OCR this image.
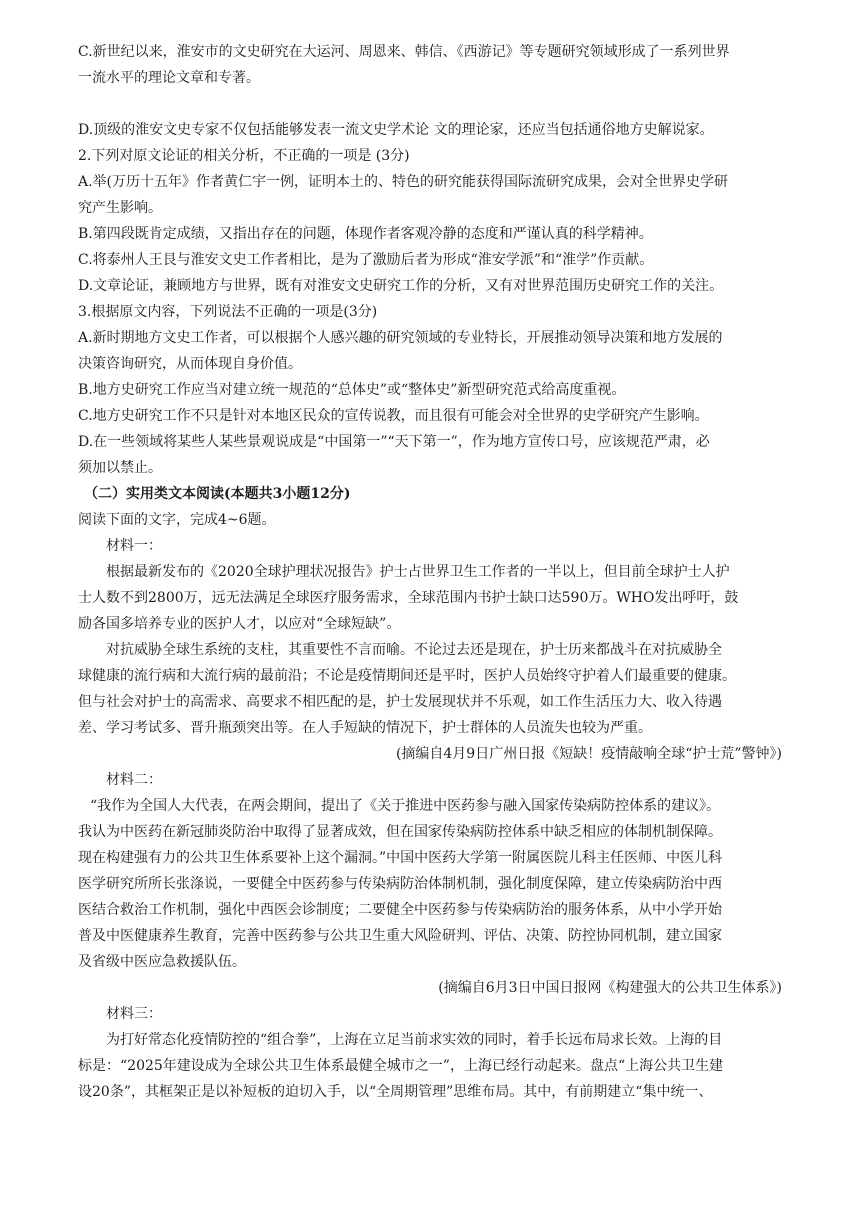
C.新世纪以来，淮安市的文史研究在大运河、周恩来、韩信、《西游记》等专题研究领域形成了一系列世界
一流水平的理论文章和专著。
D.顶级的淮安文史专家不仅包括能够发表一流文史学术论 文的理论家，还应当包括通俗地方史解说家。
2.下列对原文论证的相关分析，不正确的一项是 (3分)
A.举(万历十五年》作者黄仁宇一例，证明本土的、特色的研究能获得国际流研究成果，会对全世界史学研
究产生影响。
B.第四段既肯定成绩，又指出存在的问题，体现作者客观冷静的态度和严谨认真的科学精神。
C.将泰州人王艮与淮安文史工作者相比，是为了激励后者为形成“淮安学派”和“淮学”作贡献。
D.文章论证，兼顾地方与世界，既有对淮安文史研究工作的分析，又有对世界范围历史研究工作的关注。
3.根据原文内容，下列说法不正确的一项是(3分)
A.新时期地方文史工作者，可以根据个人感兴趣的研究领域的专业特长，开展推动领导决策和地方发展的
决策咨询研究，从而体现自身价值。
B.地方史研究工作应当对建立统一规范的“总体史”或“整体史”新型研究范式给高度重视。
C.地方史研究工作不只是针对本地区民众的宣传说教，而且很有可能会对全世界的史学研究产生影响。
D.在一些领域将某些人某些景观说成是“中国第一”“天下第一”，作为地方宣传口号，应该规范严肃，必
须加以禁止。
（二）实用类文本阅读(本题共3小题12分)
阅读下面的文字，完成4~6题。
材料一：
根据最新发布的《2020全球护理状况报告》护士占世界卫生工作者的一半以上，但目前全球护士人护
士人数不到2800万，远无法满足全球医疗服务需求，全球范围内书护士缺口达590万。WHO发出呼吁，鼓
励各国多培养专业的医护人才，以应对“全球短缺”。
对抗威胁全球生系统的支柱，其重要性不言而喻。不论过去还是现在，护士历来都战斗在对抗威胁全
球健康的流行病和大流行病的最前沿；不论是疫情期间还是平时，医护人员始终守护着人们最重要的健康。
但与社会对护士的高需求、高要求不相匹配的是，护士发展现状并不乐观，如工作生活压力大、收入待遇
差、学习考试多、晋升瓶颈突出等。在人手短缺的情况下，护士群体的人员流失也较为严重。
(摘编自4月9日广州日报《短缺！疫情敲响全球“护士荒”警钟》)
材料二：
“我作为全国人大代表，在两会期间，提出了《关于推进中医药参与融入国家传染病防控体系的建议》。
我认为中医药在新冠肺炎防治中取得了显著成效，但在国家传染病防控体系中缺乏相应的体制机制保障。
现在构建强有力的公共卫生体系要补上这个漏洞。”中国中医药大学第一附属医院儿科主任医师、中医儿科
医学研究所所长张涤说，一要健全中医药参与传染病防治体制机制，强化制度保障，建立传染病防治中西
医结合救治工作机制，强化中西医会诊制度；二要健全中医药参与传染病防治的服务体系，从中小学开始
普及中医健康养生教育，完善中医药参与公共卫生重大风险研判、评估、决策、防控协同机制，建立国家
及省级中医应急救援队伍。
(摘编自6月3日中国日报网《构建强大的公共卫生体系》)
材料三：
为打好常态化疫情防控的“组合拳”，上海在立足当前求实效的同时，着手长远布局求长效。上海的目
标是：“2025年建设成为全球公共卫生体系最健全城市之一”，上海已经行动起来。盘点“上海公共卫生建
设20条”，其框架正是以补短板的迫切入手，以“全周期管理”思维布局。其中，有前期建立“集中统一、
